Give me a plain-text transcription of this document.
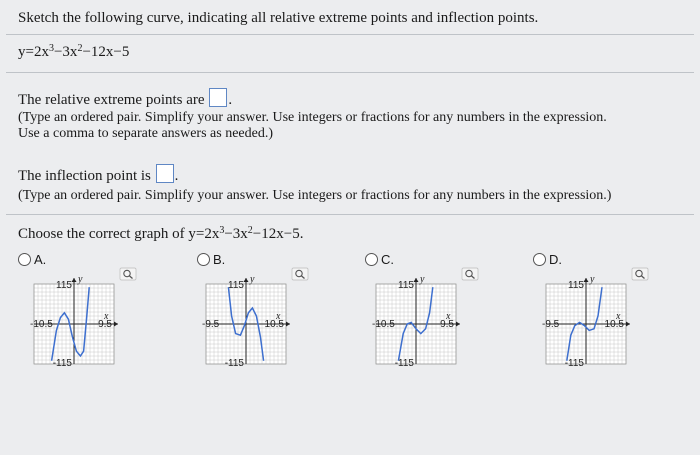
Sketch the following curve, indicating all relative extreme points and inflection points.
$y=2x^3-3x^2-12x-5$
The relative extreme points are .
(Type an ordered pair. Simplify your answer. Use integers or fractions for any numbers in the expression.
Use a comma to separate answers as needed.)
The inflection point is .
(Type an ordered pair. Simplify your answer. Use integers or fractions for any numbers in the expression.)
Choose the correct graph of $y=2x^3-3x^2-12x-5$.
A.	B.	C.	D.
115
-115
-10.5	9.5
y
x
115
-115
-9.5	10.5
y
x
115
-115
-10.5	9.5
y
x
115
-115
-9.5	10.5
y
x
